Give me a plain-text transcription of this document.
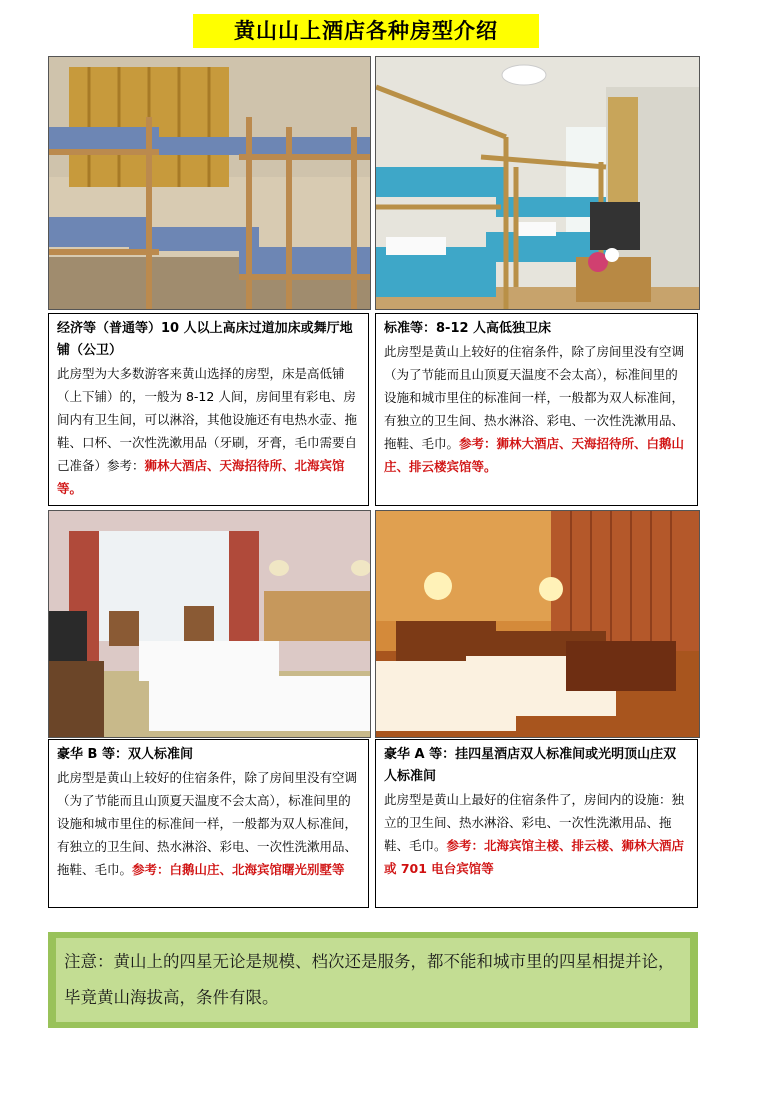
黄山山上酒店各种房型介绍
经济等（普通等）10 人以上高床过道加床或舞厅地铺（公卫）
此房型为大多数游客来黄山选择的房型，床是高低铺（上下铺）的，一般为 8-12 人间，房间里有彩电、房间内有卫生间，可以淋浴，其他设施还有电热水壶、拖鞋、口杯、一次性洗漱用品（牙刷，牙膏，毛巾需要自己准备）参考：狮林大酒店、天海招待所、北海宾馆等。
标准等：8-12 人高低独卫床
此房型是黄山上较好的住宿条件，除了房间里没有空调（为了节能而且山顶夏天温度不会太高），标准间里的设施和城市里住的标准间一样，一般都为双人标准间，有独立的卫生间、热水淋浴、彩电、一次性洗漱用品、拖鞋、毛巾。参考：狮林大酒店、天海招待所、白鹅山庄、排云楼宾馆等。
豪华 B 等：双人标准间
此房型是黄山上较好的住宿条件，除了房间里没有空调（为了节能而且山顶夏天温度不会太高），标准间里的设施和城市里住的标准间一样，一般都为双人标准间，有独立的卫生间、热水淋浴、彩电、一次性洗漱用品、拖鞋、毛巾。参考：白鹅山庄、北海宾馆曙光别墅等
豪华 A 等：挂四星酒店双人标准间或光明顶山庄双人标准间
此房型是黄山上最好的住宿条件了，房间内的设施：独立的卫生间、热水淋浴、彩电、一次性洗漱用品、拖鞋、毛巾。参考：北海宾馆主楼、排云楼、狮林大酒店或 701 电台宾馆等
注意：黄山上的四星无论是规模、档次还是服务，都不能和城市里的四星相提并论，毕竟黄山海拔高，条件有限。
